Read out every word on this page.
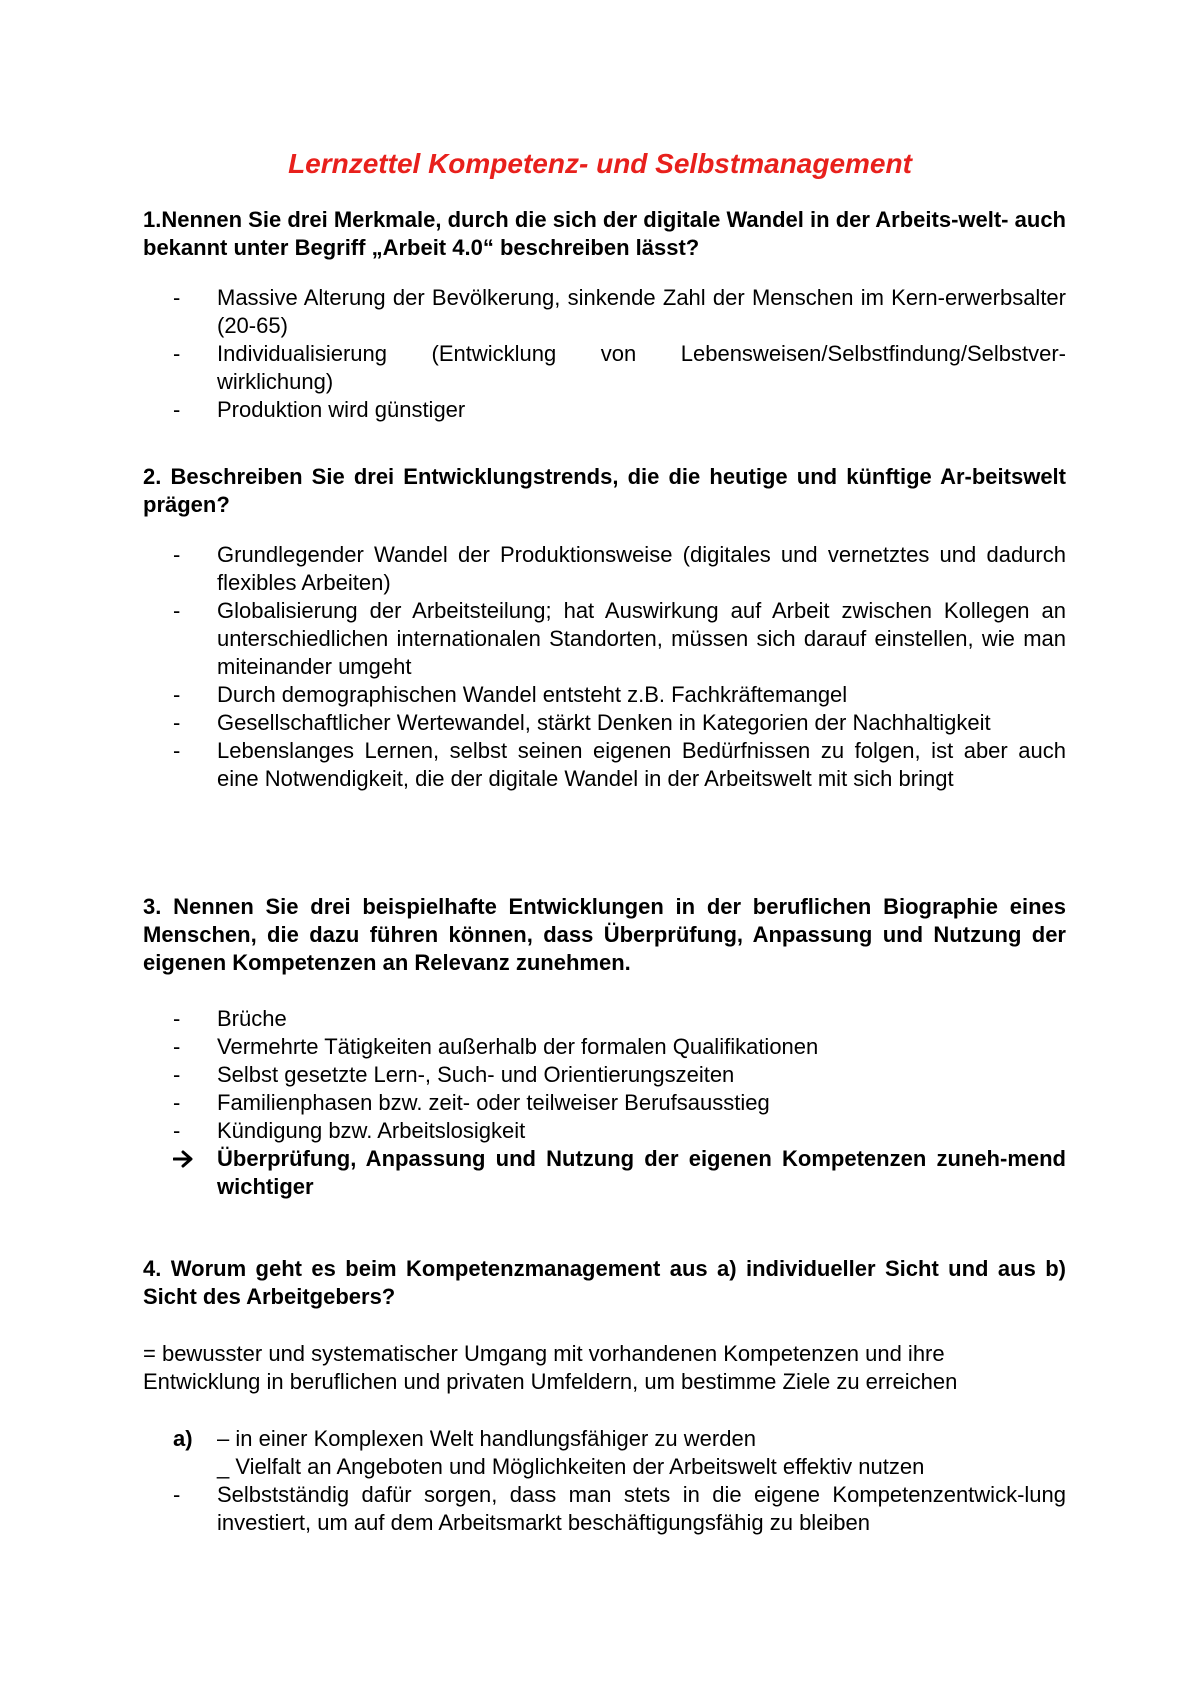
Lernzettel Kompetenz- und Selbstmanagement

1.Nennen Sie drei Merkmale, durch die sich der digitale Wandel in der Arbeits-welt- auch bekannt unter Begriff „Arbeit 4.0“ beschreiben lässt?

- Massive Alterung der Bevölkerung, sinkende Zahl der Menschen im Kern-erwerbsalter (20-65)
- Individualisierung (Entwicklung von Lebensweisen/Selbstfindung/Selbstver-wirklichung)
- Produktion wird günstiger

2. Beschreiben Sie drei Entwicklungstrends, die die heutige und künftige Ar-beitswelt prägen?

- Grundlegender Wandel der Produktionsweise (digitales und vernetztes und dadurch flexibles Arbeiten)
- Globalisierung der Arbeitsteilung; hat Auswirkung auf Arbeit zwischen Kollegen an unterschiedlichen internationalen Standorten, müssen sich darauf einstellen, wie man miteinander umgeht
- Durch demographischen Wandel entsteht z.B. Fachkräftemangel
- Gesellschaftlicher Wertewandel, stärkt Denken in Kategorien der Nachhaltigkeit
- Lebenslanges Lernen, selbst seinen eigenen Bedürfnissen zu folgen, ist aber auch eine Notwendigkeit, die der digitale Wandel in der Arbeitswelt mit sich bringt

3. Nennen Sie drei beispielhafte Entwicklungen in der beruflichen Biographie eines Menschen, die dazu führen können, dass Überprüfung, Anpassung und Nutzung der eigenen Kompetenzen an Relevanz zunehmen.

- Brüche
- Vermehrte Tätigkeiten außerhalb der formalen Qualifikationen
- Selbst gesetzte Lern-, Such- und Orientierungszeiten
- Familienphasen bzw. zeit- oder teilweiser Berufsausstieg
- Kündigung bzw. Arbeitslosigkeit
Überprüfung, Anpassung und Nutzung der eigenen Kompetenzen zuneh-mend wichtiger

4. Worum geht es beim Kompetenzmanagement aus a) individueller Sicht und aus b) Sicht des Arbeitgebers?

= bewusster und systematischer Umgang mit vorhandenen Kompetenzen und ihre Entwicklung in beruflichen und privaten Umfeldern, um bestimme Ziele zu erreichen

a)	– in einer Komplexen Welt handlungsfähiger zu werden
_ Vielfalt an Angeboten und Möglichkeiten der Arbeitswelt effektiv nutzen
- Selbstständig dafür sorgen, dass man stets in die eigene Kompetenzentwick-lung investiert, um auf dem Arbeitsmarkt beschäftigungsfähig zu bleiben
